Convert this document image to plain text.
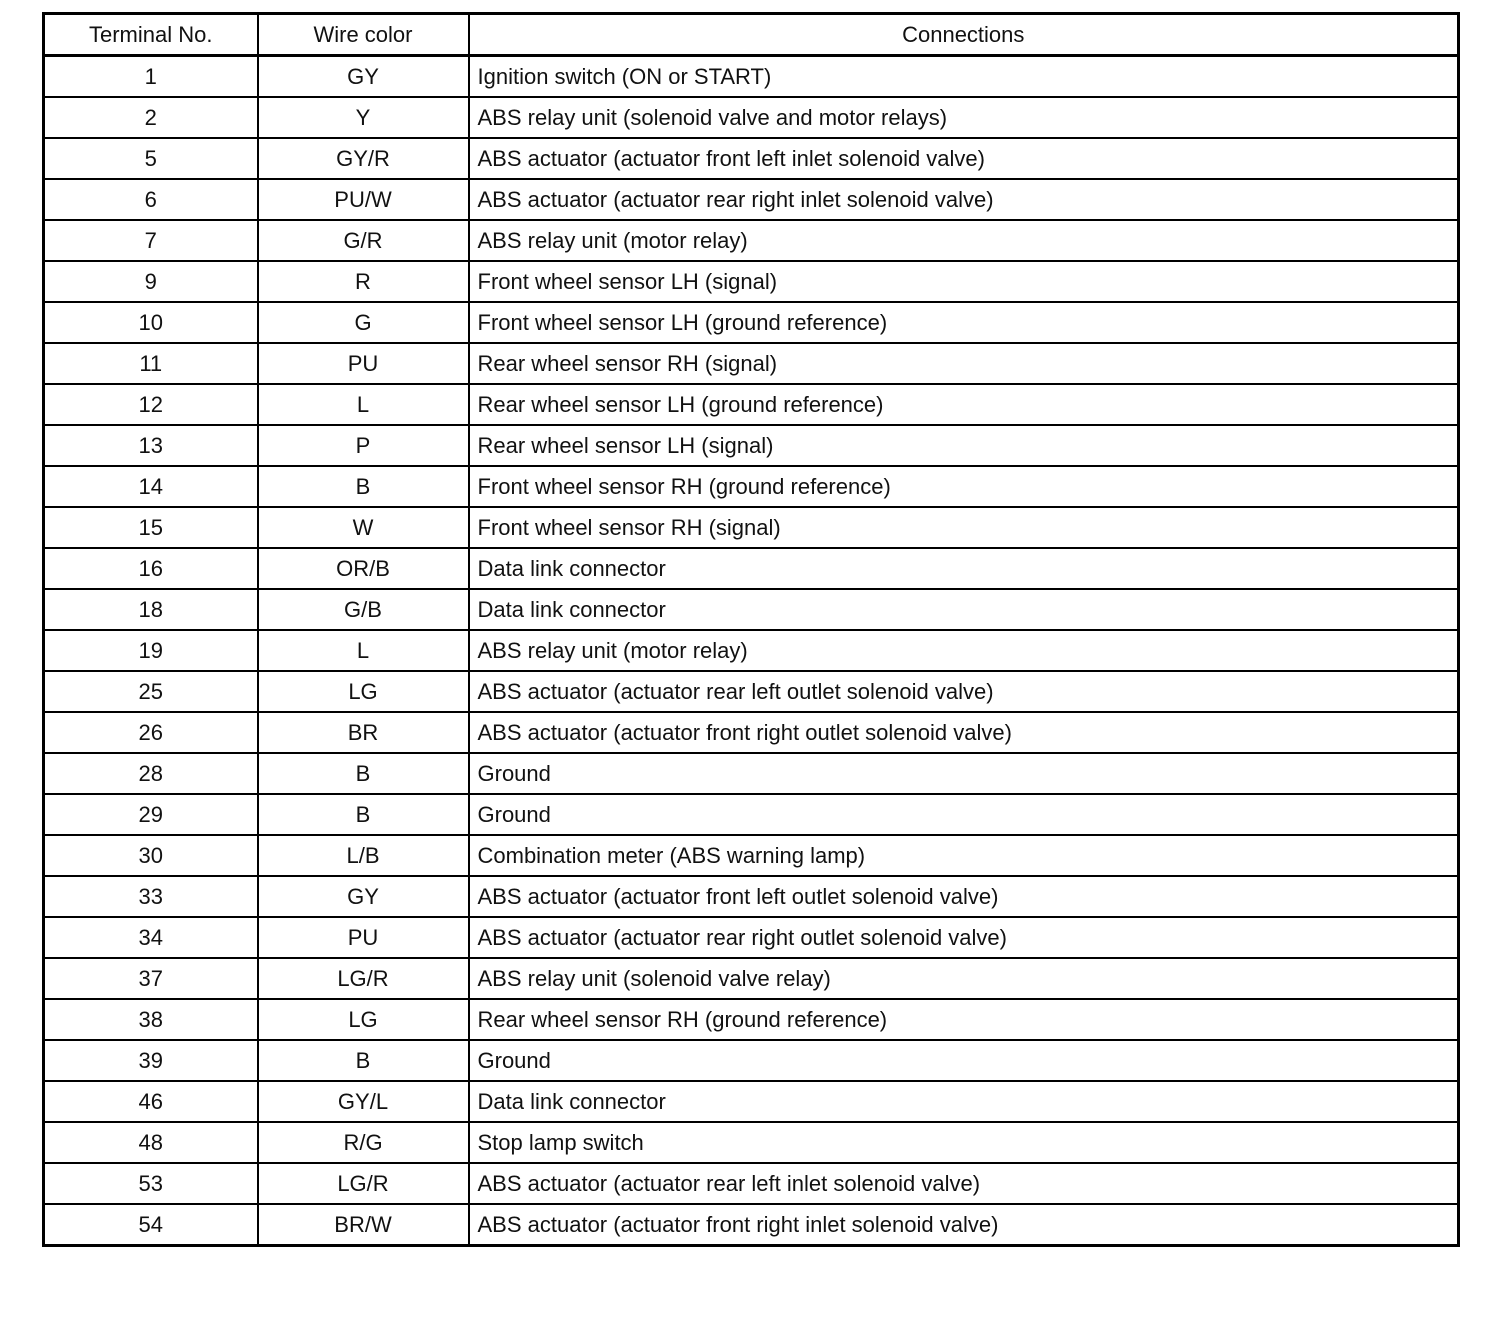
Terminal No.	Wire color	Connections
1	GY	Ignition switch (ON or START)
2	Y	ABS relay unit (solenoid valve and motor relays)
5	GY/R	ABS actuator (actuator front left inlet solenoid valve)
6	PU/W	ABS actuator (actuator rear right inlet solenoid valve)
7	G/R	ABS relay unit (motor relay)
9	R	Front wheel sensor LH (signal)
10	G	Front wheel sensor LH (ground reference)
11	PU	Rear wheel sensor RH (signal)
12	L	Rear wheel sensor LH (ground reference)
13	P	Rear wheel sensor LH (signal)
14	B	Front wheel sensor RH (ground reference)
15	W	Front wheel sensor RH (signal)
16	OR/B	Data link connector
18	G/B	Data link connector
19	L	ABS relay unit (motor relay)
25	LG	ABS actuator (actuator rear left outlet solenoid valve)
26	BR	ABS actuator (actuator front right outlet solenoid valve)
28	B	Ground
29	B	Ground
30	L/B	Combination meter (ABS warning lamp)
33	GY	ABS actuator (actuator front left outlet solenoid valve)
34	PU	ABS actuator (actuator rear right outlet solenoid valve)
37	LG/R	ABS relay unit (solenoid valve relay)
38	LG	Rear wheel sensor RH (ground reference)
39	B	Ground
46	GY/L	Data link connector
48	R/G	Stop lamp switch
53	LG/R	ABS actuator (actuator rear left inlet solenoid valve)
54	BR/W	ABS actuator (actuator front right inlet solenoid valve)
